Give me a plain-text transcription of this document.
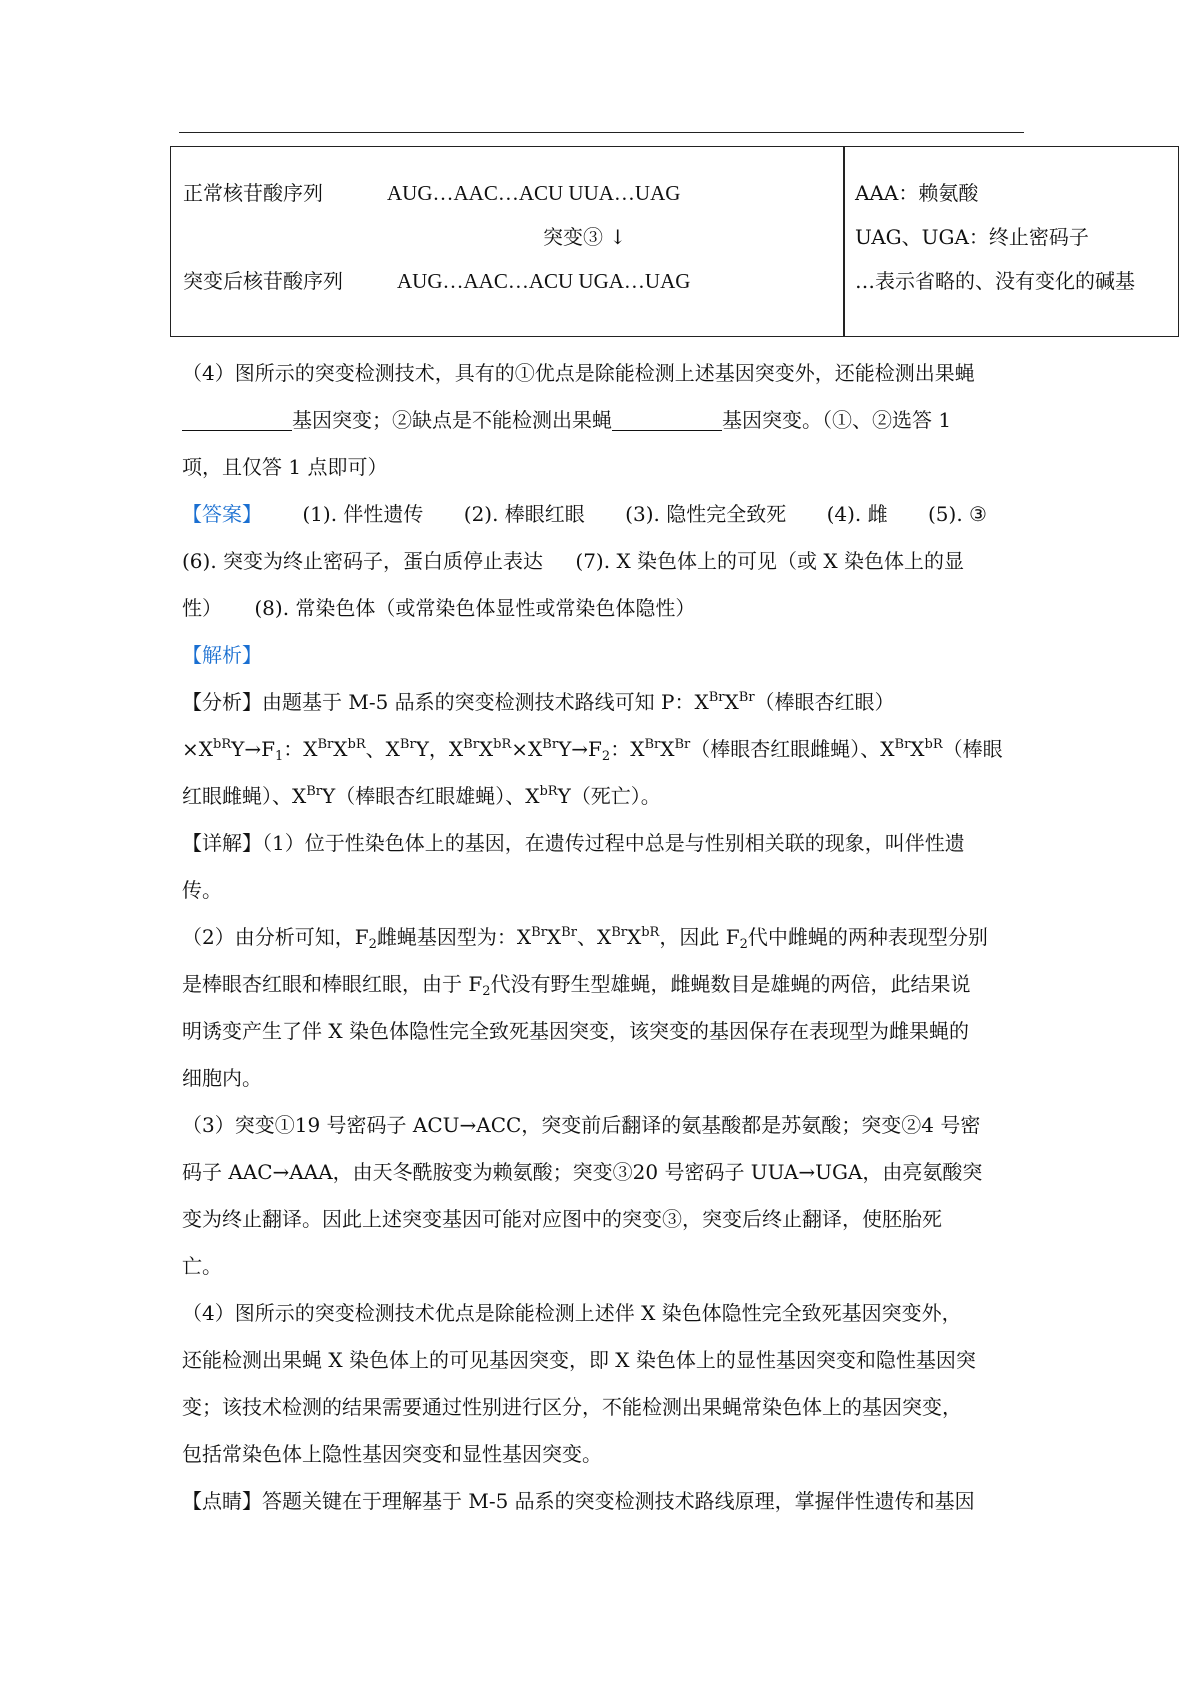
正常核苷酸序列	AUG…AAC…ACU UUA…UAG
突变③ ↓
突变后核苷酸序列	AUG…AAC…ACU UGA…UAG
AAA：赖氨酸
UAG、UGA：终止密码子
…表示省略的、没有变化的碱基

（4）图所示的突变检测技术，具有的①优点是除能检测上述基因突变外，还能检测出果蝇
基因突变；②缺点是不能检测出果蝇	基因突变。（①、②选答 1
项，且仅答 1 点即可）

【答案】 (1). 伴性遗传 (2). 棒眼红眼 (3). 隐性完全致死 (4). 雌 (5). ③
(6). 突变为终止密码子，蛋白质停止表达 (7). X 染色体上的可见（或 X 染色体上的显
性） (8). 常染色体（或常染色体显性或常染色体隐性）

【解析】

【分析】由题基于 M-5 品系的突变检测技术路线可知 P：$X^{Br}X^{Br}$（棒眼杏红眼）
$\times X^{bR}Y\to F_1$：$X^{Br}X^{bR}$、$X^{Br}Y$，$X^{Br}X^{bR}\times X^{Br}Y\to F_2$：$X^{Br}X^{Br}$（棒眼杏红眼雌蝇）、$X^{Br}X^{bR}$（棒眼
红眼雌蝇）、$X^{Br}Y$（棒眼杏红眼雄蝇）、$X^{bR}Y$（死亡）。

【详解】（1）位于性染色体上的基因，在遗传过程中总是与性别相关联的现象，叫伴性遗
传。

（2）由分析可知，$F_2$雌蝇基因型为：$X^{Br}X^{Br}$、$X^{Br}X^{bR}$，因此 $F_2$代中雌蝇的两种表现型分别
是棒眼杏红眼和棒眼红眼，由于 $F_2$代没有野生型雄蝇，雌蝇数目是雄蝇的两倍，此结果说
明诱变产生了伴 X 染色体隐性完全致死基因突变，该突变的基因保存在表现型为雌果蝇的
细胞内。

（3）突变①19 号密码子 ACU→ACC，突变前后翻译的氨基酸都是苏氨酸；突变②4 号密
码子 AAC→AAA，由天冬酰胺变为赖氨酸；突变③20 号密码子 UUA→UGA，由亮氨酸突
变为终止翻译。因此上述突变基因可能对应图中的突变③，突变后终止翻译，使胚胎死
亡。

（4）图所示的突变检测技术优点是除能检测上述伴 X 染色体隐性完全致死基因突变外，
还能检测出果蝇 X 染色体上的可见基因突变，即 X 染色体上的显性基因突变和隐性基因突
变；该技术检测的结果需要通过性别进行区分，不能检测出果蝇常染色体上的基因突变，
包括常染色体上隐性基因突变和显性基因突变。

【点睛】答题关键在于理解基于 M-5 品系的突变检测技术路线原理，掌握伴性遗传和基因
